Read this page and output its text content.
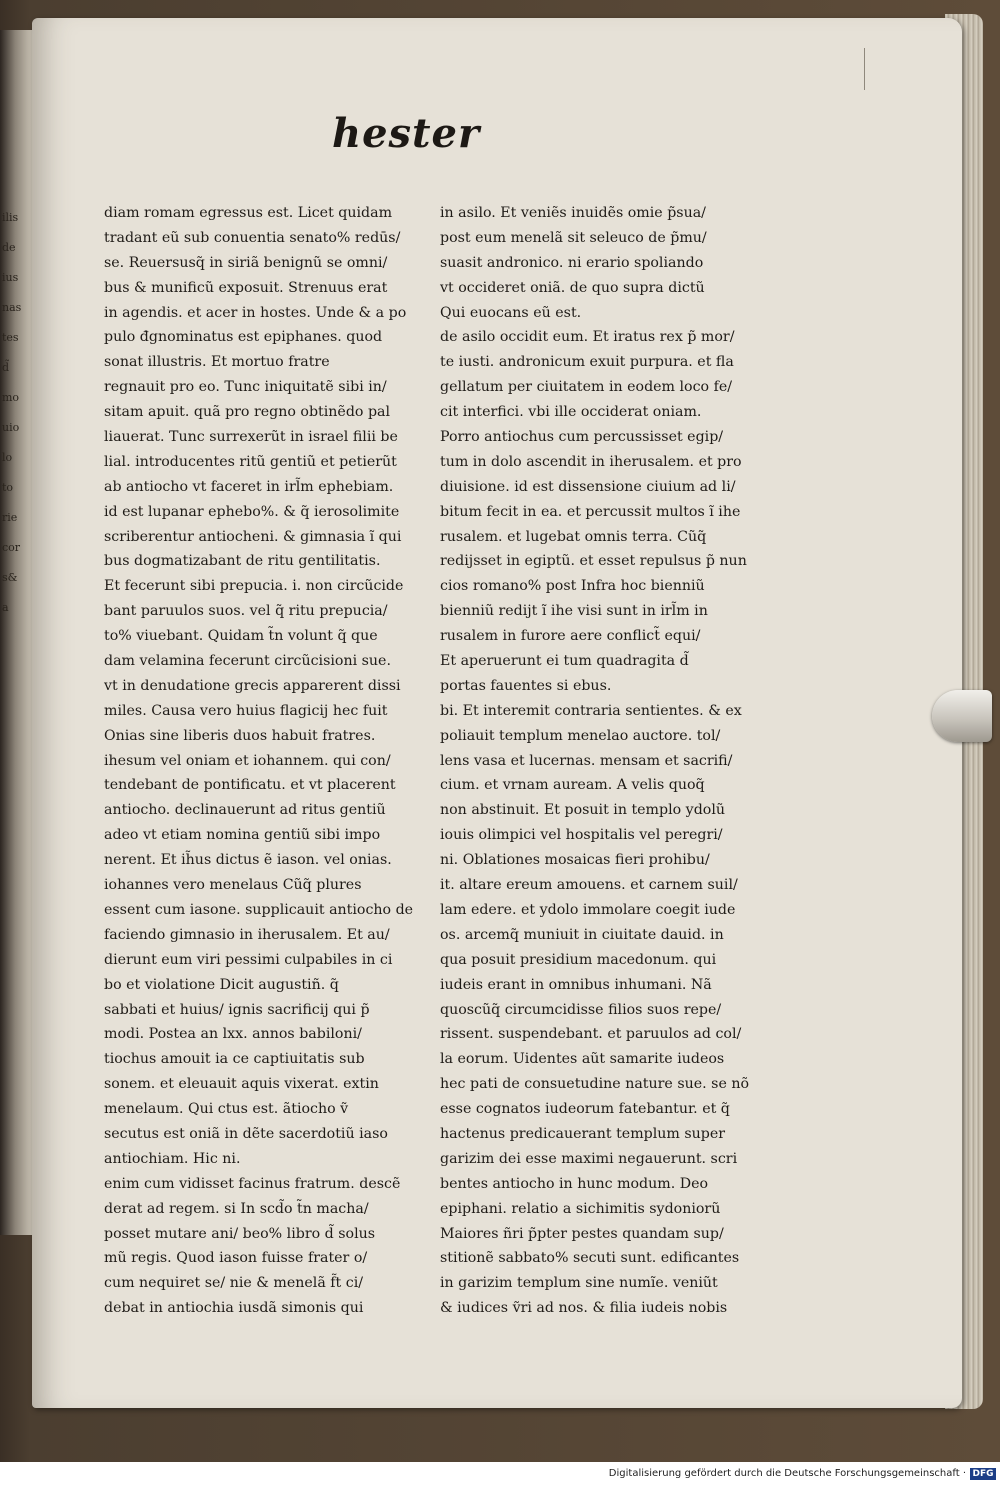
ilis
de
ius
nas
tes
d̃
mo
uio
lo
to
rie
cor
s&
a
hester
diam romam egressus est. Licet quidam
tradant eũ sub conuentia senato% redūs/
se. Reuersusq̃ in siriã benignũ se omni/
bus & munificũ exposuit. Strenuus erat
in agendis. et acer in hostes. Unde & a po
pulo đgnominatus est epiphanes. quod
sonat illustris. Et mortuo fratre
regnauit pro eo. Tunc iniquitatẽ sibi in/
sitam apuit. quã pro regno obtinẽdo pal
liauerat. Tunc surrexerũt in israel filii be
lial. introducentes ritũ gentiũ et petierũt
ab antiocho vt faceret in irl̃m ephebiam.
id est lupanar ephebo%. & q̃ ierosolimite
scriberentur antiocheni. & gimnasia ĩ qui
bus dogmatizabant de ritu gentilitatis.
Et fecerunt sibi prepucia. i. non circũcide
bant paruulos suos. vel q̃ ritu prepucia/
to% viuebant. Quidam t̃n volunt q̃ que
dam velamina fecerunt circũcisioni sue.
vt in denudatione grecis apparerent dissi
miles. Causa vero huius flagicij hec fuit
Onias sine liberis duos habuit fratres.
ihesum vel oniam et iohannem. qui con/
tendebant de pontificatu. et vt placerent
antiocho. declinauerunt ad ritus gentiũ
adeo vt etiam nomina gentiũ sibi impo
nerent. Et ih̃us dictus ẽ iason. vel onias.
iohannes vero menelaus Cũq̃ plures
essent cum iasone. supplicauit antiocho de
faciendo gimnasio in iherusalem. Et au/
dierunt eum viri pessimi culpabiles in ci
bo et violatione Dicit augustiñ. q̃
sabbati et huius/ ignis sacrificij qui p̃
modi. Postea an lxx. annos babiloni/
tiochus amouit ia ce captiuitatis sub
sonem. et eleuauit aquis vixerat. extin
menelaum. Qui ctus est. ãtiocho ṽ
secutus est oniã in dẽte sacerdotiũ iaso
antiochiam. Hic ni.
enim cum vidisset facinus fratrum. descẽ
derat ad regem. si In scd̃o t̃n macha/
posset mutare ani/ beo% libro d̃ solus
mũ regis. Quod iason fuisse frater o/
cum nequiret se/ nie & menelã f̃t ci/
debat in antiochia iusdã simonis qui
in asilo. Et veniẽs inuidẽs omie p̃sua/
post eum menelã sit seleuco de p̃mu/
suasit andronico. ni erario spoliando
vt occideret oniã. de quo supra dictũ
Qui euocans eũ est.
de asilo occidit eum. Et iratus rex p̃ mor/
te iusti. andronicum exuit purpura. et fla
gellatum per ciuitatem in eodem loco fe/
cit interfici. vbi ille occiderat oniam.
Porro antiochus cum percussisset egip/
tum in dolo ascendit in iherusalem. et pro
diuisione. id est dissensione ciuium ad li/
bitum fecit in ea. et percussit multos ĩ ihe
rusalem. et lugebat omnis terra. Cũq̃
redijsset in egiptũ. et esset repulsus p̃ nun
cios romano% post Infra hoc bienniũ
bienniũ redijt ĩ ihe visi sunt in irl̃m in
rusalem in furore aere conflict̃ equi/
Et aperuerunt ei tum quadragita d̃
portas fauentes si ebus.
bi. Et interemit contraria sentientes. & ex
poliauit templum menelao auctore. tol/
lens vasa et lucernas. mensam et sacrifi/
cium. et vrnam auream. A velis quoq̃
non abstinuit. Et posuit in templo ydolũ
iouis olimpici vel hospitalis vel peregri/
ni. Oblationes mosaicas fieri prohibu/
it. altare ereum amouens. et carnem suil/
lam edere. et ydolo immolare coegit iude
os. arcemq̃ muniuit in ciuitate dauid. in
qua posuit presidium macedonum. qui
iudeis erant in omnibus inhumani. Nã
quoscũq̃ circumcidisse filios suos repe/
rissent. suspendebant. et paruulos ad col/
la eorum. Uidentes aũt samarite iudeos
hec pati de consuetudine nature sue. se nõ
esse cognatos iudeorum fatebantur. et q̃
hactenus predicauerant templum super
garizim dei esse maximi negauerunt. scri
bentes antiocho in hunc modum. Deo
epiphani. relatio a sichimitis sydoniorũ
Maiores ñri p̃pter pestes quandam sup/
stitionẽ sabbato% secuti sunt. edificantes
in garizim templum sine numĩe. veniũt
& iudices ṽri ad nos. & filia iudeis nobis
Digitalisierung gefördert durch die Deutsche Forschungsgemeinschaft · DFG
